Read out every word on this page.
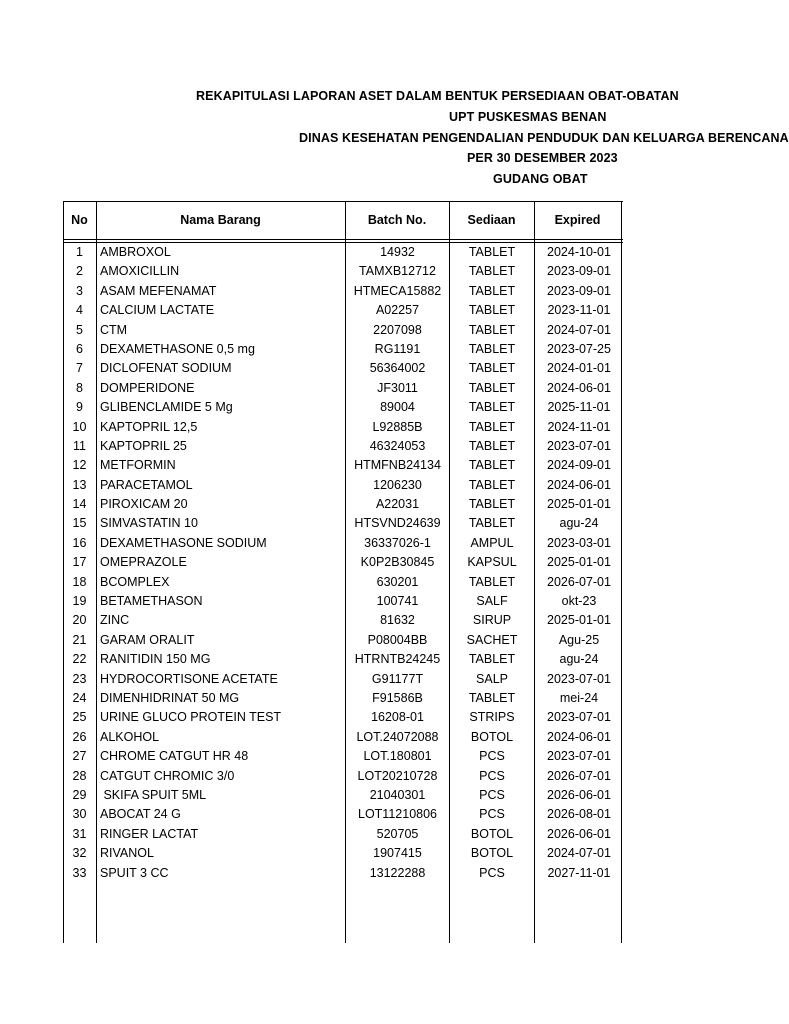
REKAPITULASI LAPORAN ASET DALAM BENTUK PERSEDIAAN OBAT-OBATAN
UPT PUSKESMAS BENAN
DINAS KESEHATAN PENGENDALIAN PENDUDUK DAN KELUARGA BERENCANA
PER 30 DESEMBER 2023
GUDANG OBAT
No	Nama Barang	Batch No.	Sediaan	Expired
1	AMBROXOL	14932	TABLET	2024-10-01
2	AMOXICILLIN	TAMXB12712	TABLET	2023-09-01
3	ASAM MEFENAMAT	HTMECA15882	TABLET	2023-09-01
4	CALCIUM LACTATE	A02257	TABLET	2023-11-01
5	CTM	2207098	TABLET	2024-07-01
6	DEXAMETHASONE 0,5 mg	RG1191	TABLET	2023-07-25
7	DICLOFENAT SODIUM	56364002	TABLET	2024-01-01
8	DOMPERIDONE	JF3011	TABLET	2024-06-01
9	GLIBENCLAMIDE 5 Mg	89004	TABLET	2025-11-01
10	KAPTOPRIL 12,5	L92885B	TABLET	2024-11-01
11	KAPTOPRIL 25	46324053	TABLET	2023-07-01
12	METFORMIN	HTMFNB24134	TABLET	2024-09-01
13	PARACETAMOL	1206230	TABLET	2024-06-01
14	PIROXICAM 20	A22031	TABLET	2025-01-01
15	SIMVASTATIN 10	HTSVND24639	TABLET	agu-24
16	DEXAMETHASONE SODIUM	36337026-1	AMPUL	2023-03-01
17	OMEPRAZOLE	K0P2B30845	KAPSUL	2025-01-01
18	BCOMPLEX	630201	TABLET	2026-07-01
19	BETAMETHASON	100741	SALF	okt-23
20	ZINC	81632	SIRUP	2025-01-01
21	GARAM ORALIT	P08004BB	SACHET	Agu-25
22	RANITIDIN 150 MG	HTRNTB24245	TABLET	agu-24
23	HYDROCORTISONE ACETATE	G91177T	SALP	2023-07-01
24	DIMENHIDRINAT 50 MG	F91586B	TABLET	mei-24
25	URINE GLUCO PROTEIN TEST	16208-01	STRIPS	2023-07-01
26	ALKOHOL	LOT.24072088	BOTOL	2024-06-01
27	CHROME CATGUT HR 48	LOT.180801	PCS	2023-07-01
28	CATGUT CHROMIC 3/0	LOT20210728	PCS	2026-07-01
29	SKIFA SPUIT 5ML	21040301	PCS	2026-06-01
30	ABOCAT 24 G	LOT11210806	PCS	2026-08-01
31	RINGER LACTAT	520705	BOTOL	2026-06-01
32	RIVANOL	1907415	BOTOL	2024-07-01
33	SPUIT 3 CC	13122288	PCS	2027-11-01
